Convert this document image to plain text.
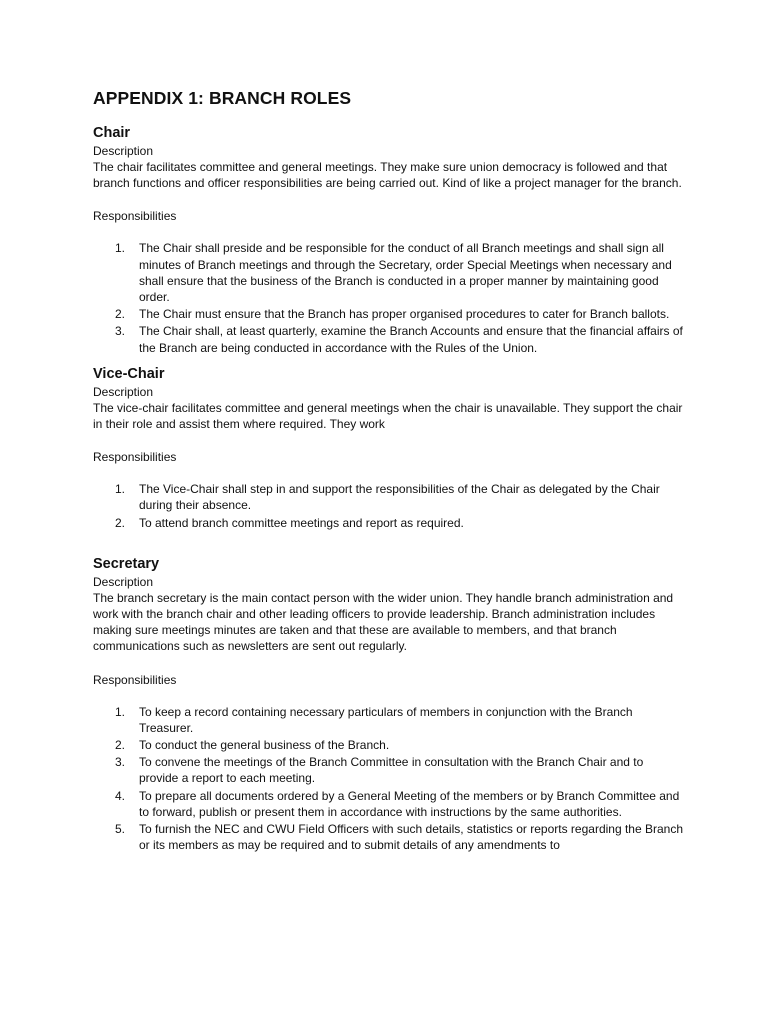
APPENDIX 1: BRANCH ROLES
Chair

Description

The chair facilitates committee and general meetings. They make sure union democracy is followed and that branch functions and officer responsibilities are being carried out. Kind of like a project manager for the branch.

Responsibilities

1. The Chair shall preside and be responsible for the conduct of all Branch meetings and shall sign all minutes of Branch meetings and through the Secretary, order Special Meetings when necessary and shall ensure that the business of the Branch is conducted in a proper manner by maintaining good order.
2. The Chair must ensure that the Branch has proper organised procedures to cater for Branch ballots.
3. The Chair shall, at least quarterly, examine the Branch Accounts and ensure that the financial affairs of the Branch are being conducted in accordance with the Rules of the Union.
Vice-Chair

Description

The vice-chair facilitates committee and general meetings when the chair is unavailable. They support the chair in their role and assist them where required. They work

Responsibilities

1. The Vice-Chair shall step in and support the responsibilities of the Chair as delegated by the Chair during their absence.
2. To attend branch committee meetings and report as required.
Secretary

Description

The branch secretary is the main contact person with the wider union. They handle branch administration and work with the branch chair and other leading officers to provide leadership. Branch administration includes making sure meetings minutes are taken and that these are available to members, and that branch communications such as newsletters are sent out regularly.

Responsibilities

1. To keep a record containing necessary particulars of members in conjunction with the Branch Treasurer.
2. To conduct the general business of the Branch.
3. To convene the meetings of the Branch Committee in consultation with the Branch Chair and to provide a report to each meeting.
4. To prepare all documents ordered by a General Meeting of the members or by Branch Committee and to forward, publish or present them in accordance with instructions by the same authorities.
5. To furnish the NEC and CWU Field Officers with such details, statistics or reports regarding the Branch or its members as may be required and to submit details of any amendments to
